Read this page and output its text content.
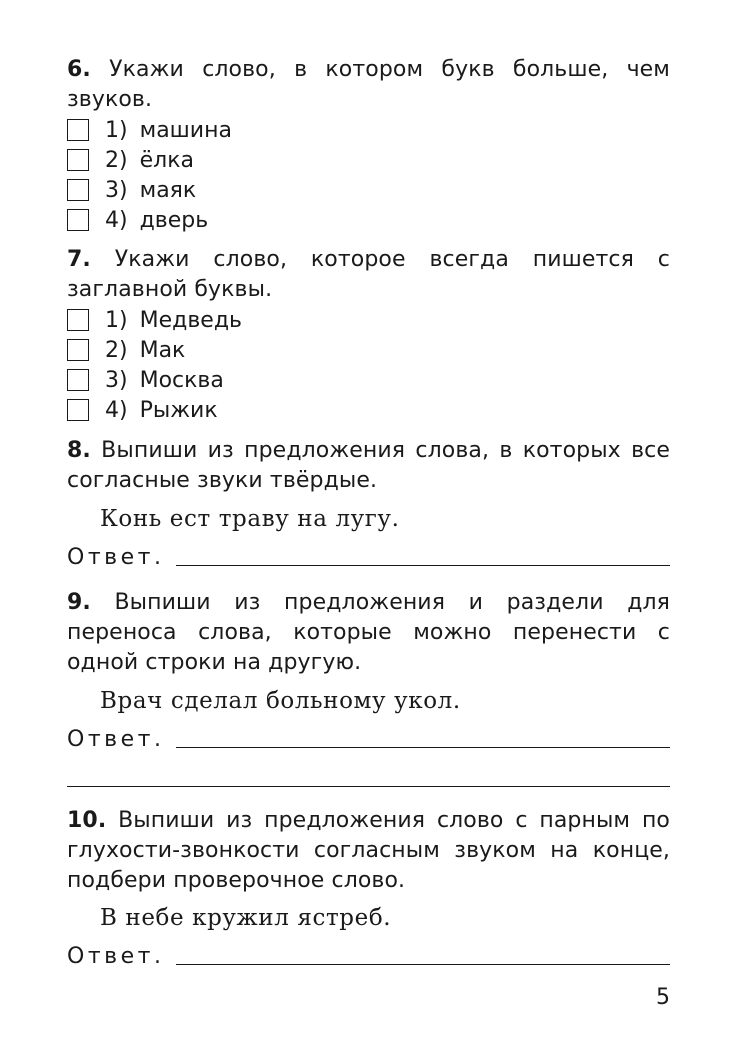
6. Укажи слово, в котором букв больше, чем звуков.

1) машина
2) ёлка
3) маяк
4) дверь

7. Укажи слово, которое всегда пишется с заглавной буквы.

1) Медведь
2) Мак
3) Москва
4) Рыжик

8. Выпиши из предложения слова, в которых все согласные звуки твёрдые.

Конь ест траву на лугу.
Ответ.

9. Выпиши из предложения и раздели для переноса слова, которые можно перенести с одной строки на другую.

Врач сделал больному укол.
Ответ.

10. Выпиши из предложения слово с парным по глухости-звонкости согласным звуком на конце, подбери проверочное слово.

В небе кружил ястреб.
Ответ.
5
